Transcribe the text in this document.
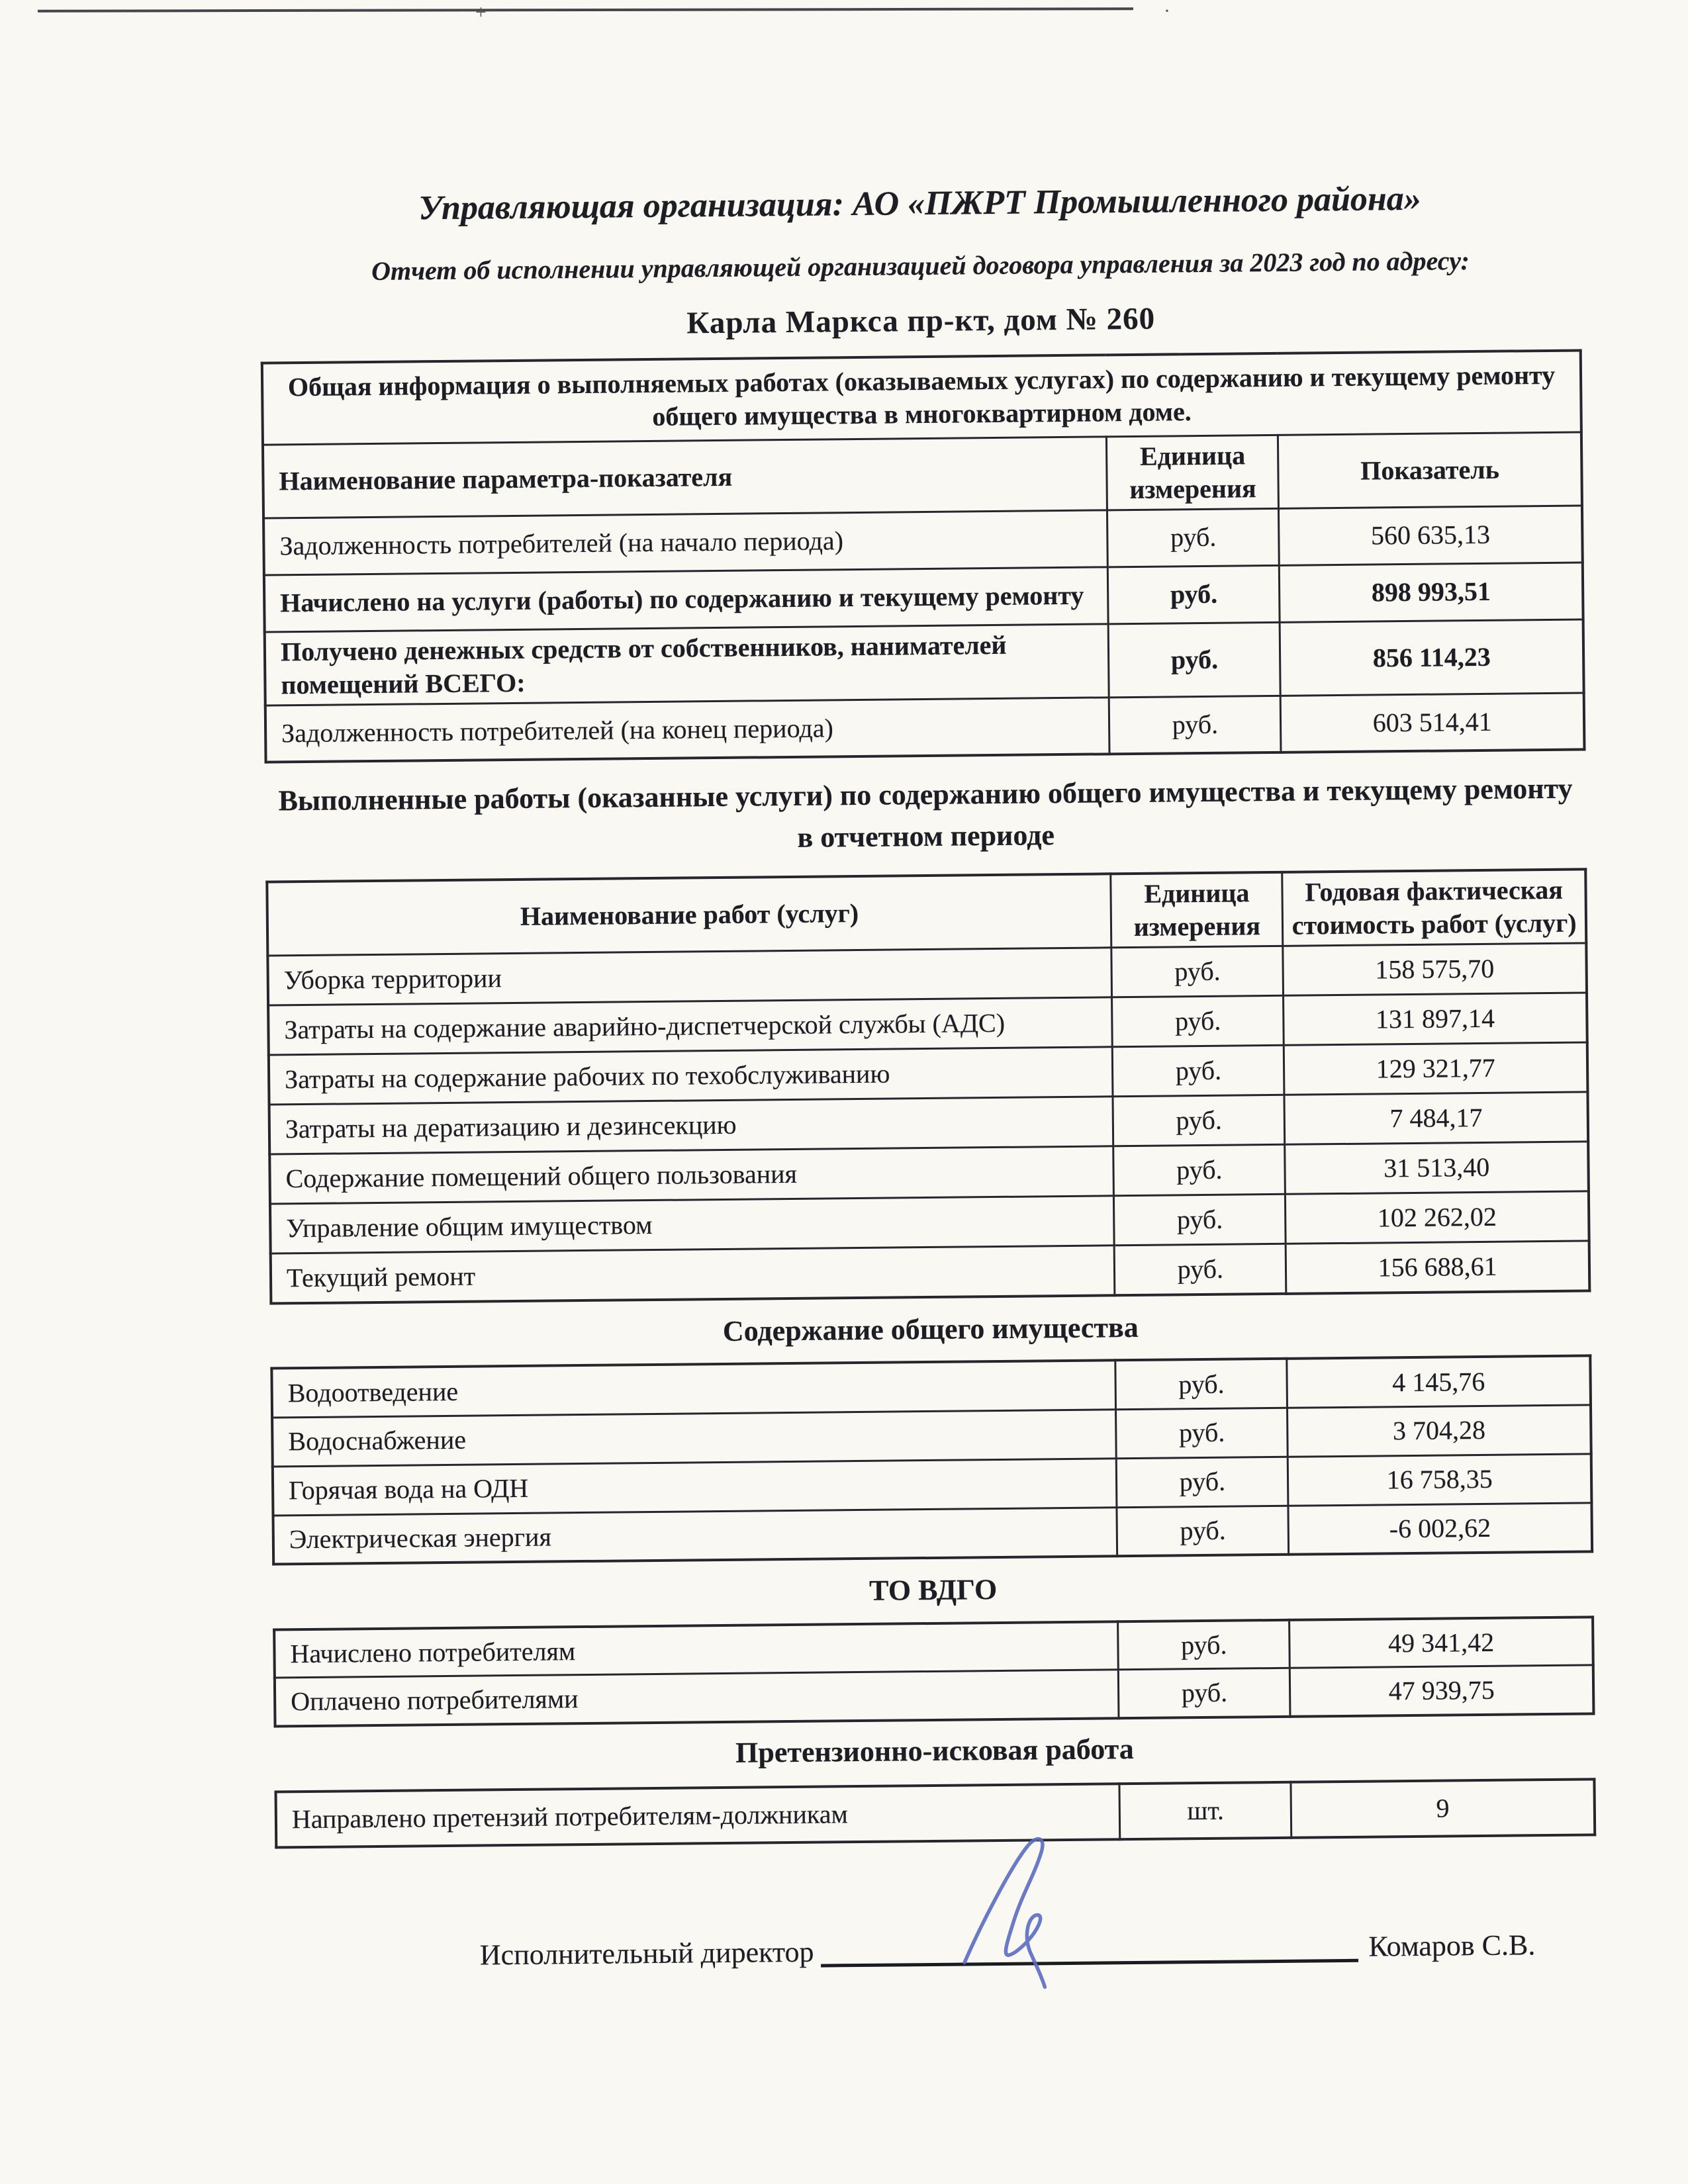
+	·
Управляющая организация: АО «ПЖРТ Промышленного района»
Отчет об исполнении управляющей организацией договора управления за 2023 год по адресу:
Карла Маркса пр-кт, дом № 260
Общая информация о выполняемых работах (оказываемых услугах) по содержанию и текущему ремонту общего имущества в многоквартирном доме.		
Наименование параметра-показателя	Единица измерения	Показатель
Задолженность потребителей (на начало периода)	руб.	560 635,13
Начислено на услуги (работы) по содержанию и текущему ремонту	руб.	898 993,51
Получено денежных средств от собственников, нанимателей помещений ВСЕГО:	руб.	856 114,23
Задолженность потребителей (на конец периода)	руб.	603 514,41
Выполненные работы (оказанные услуги) по содержанию общего имущества и текущему ремонту в отчетном периоде
Наименование работ (услуг)	Единица измерения	Годовая фактическая стоимость работ (услуг)
Уборка территории	руб.	158 575,70
Затраты на содержание аварийно-диспетчерской службы (АДС)	руб.	131 897,14
Затраты на содержание рабочих по техобслуживанию	руб.	129 321,77
Затраты на дератизацию и дезинсекцию	руб.	7 484,17
Содержание помещений общего пользования	руб.	31 513,40
Управление общим имуществом	руб.	102 262,02
Текущий ремонт	руб.	156 688,61
Содержание общего имущества
Водоотведение	руб.	4 145,76
Водоснабжение	руб.	3 704,28
Горячая вода на ОДН	руб.	16 758,35
Электрическая энергия	руб.	-6 002,62
ТО ВДГО
Начислено потребителям	руб.	49 341,42
Оплачено потребителями	руб.	47 939,75
Претензионно-исковая работа
Направлено претензий потребителям-должникам	шт.	9
Исполнительный директор	Комаров С.В.
